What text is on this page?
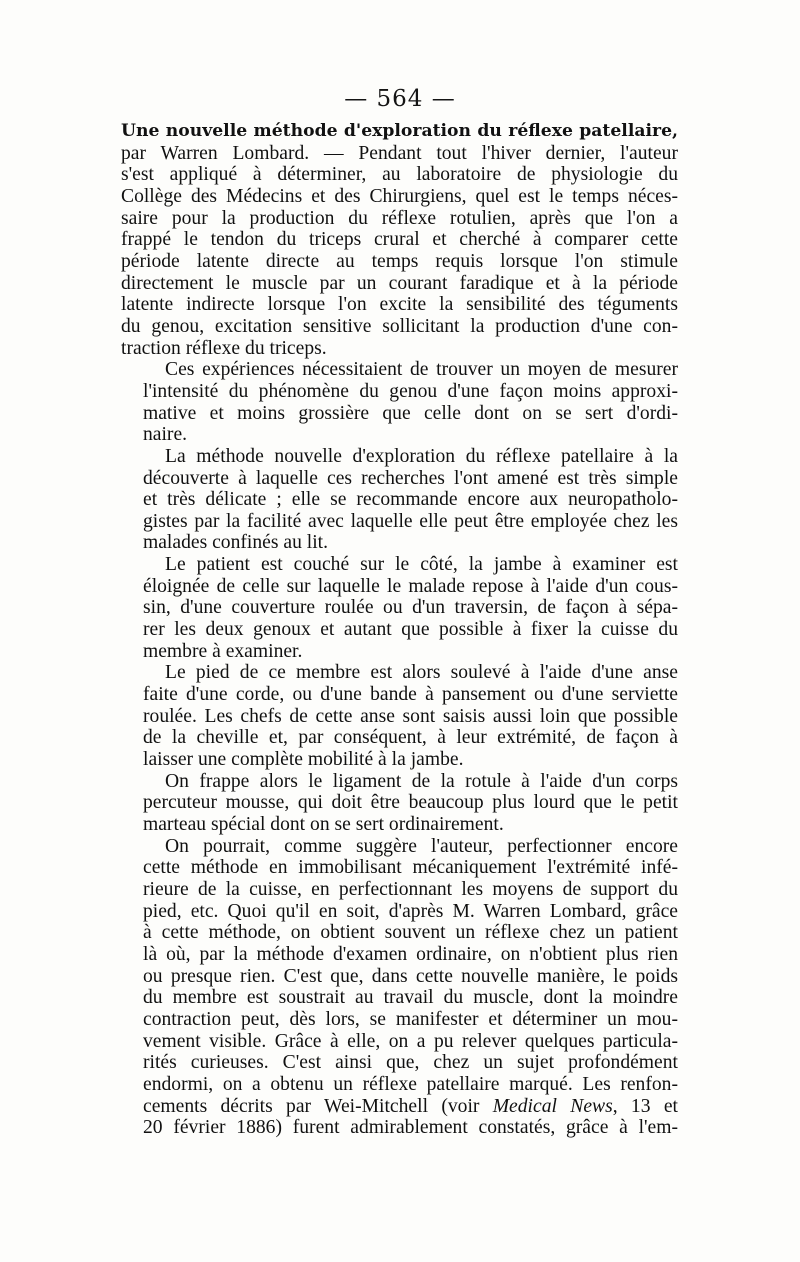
— 564 —
Une nouvelle méthode d'exploration du réflexe patellaire,
par Warren Lombard. — Pendant tout l'hiver dernier, l'auteur
s'est appliqué à déterminer, au laboratoire de physiologie du
Collège des Médecins et des Chirurgiens, quel est le temps néces-
saire pour la production du réflexe rotulien, après que l'on a
frappé le tendon du triceps crural et cherché à comparer cette
période latente directe au temps requis lorsque l'on stimule
directement le muscle par un courant faradique et à la période
latente indirecte lorsque l'on excite la sensibilité des téguments
du genou, excitation sensitive sollicitant la production d'une con-
traction réflexe du triceps.
Ces expériences nécessitaient de trouver un moyen de mesurer
l'intensité du phénomène du genou d'une façon moins approxi-
mative et moins grossière que celle dont on se sert d'ordi-
naire.
La méthode nouvelle d'exploration du réflexe patellaire à la
découverte à laquelle ces recherches l'ont amené est très simple
et très délicate ; elle se recommande encore aux neuropatholo-
gistes par la facilité avec laquelle elle peut être employée chez les
malades confinés au lit.
Le patient est couché sur le côté, la jambe à examiner est
éloignée de celle sur laquelle le malade repose à l'aide d'un cous-
sin, d'une couverture roulée ou d'un traversin, de façon à sépa-
rer les deux genoux et autant que possible à fixer la cuisse du
membre à examiner.
Le pied de ce membre est alors soulevé à l'aide d'une anse
faite d'une corde, ou d'une bande à pansement ou d'une serviette
roulée. Les chefs de cette anse sont saisis aussi loin que possible
de la cheville et, par conséquent, à leur extrémité, de façon à
laisser une complète mobilité à la jambe.
On frappe alors le ligament de la rotule à l'aide d'un corps
percuteur mousse, qui doit être beaucoup plus lourd que le petit
marteau spécial dont on se sert ordinairement.
On pourrait, comme suggère l'auteur, perfectionner encore
cette méthode en immobilisant mécaniquement l'extrémité infé-
rieure de la cuisse, en perfectionnant les moyens de support du
pied, etc. Quoi qu'il en soit, d'après M. Warren Lombard, grâce
à cette méthode, on obtient souvent un réflexe chez un patient
là où, par la méthode d'examen ordinaire, on n'obtient plus rien
ou presque rien. C'est que, dans cette nouvelle manière, le poids
du membre est soustrait au travail du muscle, dont la moindre
contraction peut, dès lors, se manifester et déterminer un mou-
vement visible. Grâce à elle, on a pu relever quelques particula-
rités curieuses. C'est ainsi que, chez un sujet profondément
endormi, on a obtenu un réflexe patellaire marqué. Les renfon-
cements décrits par Wei-Mitchell (voir Medical News, 13 et
20 février 1886) furent admirablement constatés, grâce à l'em-
